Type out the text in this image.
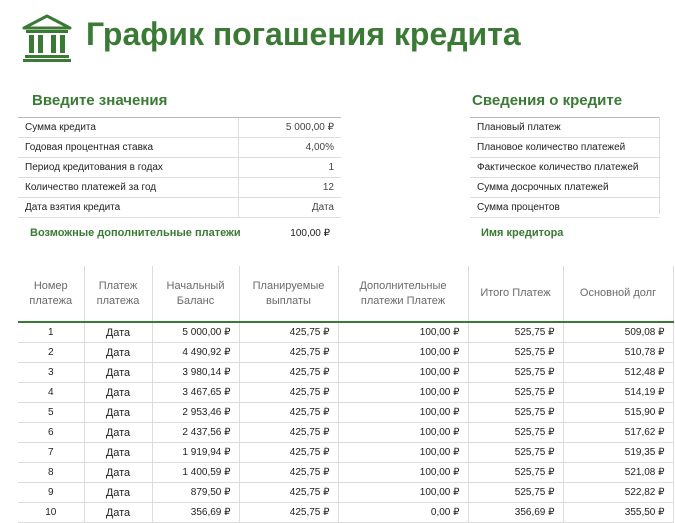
График погашения кредита
Введите значения
Сумма кредита	5 000,00 ₽
Годовая процентная ставка	4,00%
Период кредитования в годах	1
Количество платежей за год	12
Дата взятия кредита	Дата
Возможные дополнительные платежи	100,00 ₽
Сведения о кредите
Плановый платеж
Плановое количество платежей
Фактическое количество платежей
Сумма досрочных платежей
Сумма процентов
Имя кредитора
Номер платежа	Платеж платежа	Начальный Баланс	Планируемые выплаты	Дополнительные платежи Платеж	Итого Платеж	Основной долг
1	Дата	5 000,00 ₽	425,75 ₽	100,00 ₽	525,75 ₽	509,08 ₽
2	Дата	4 490,92 ₽	425,75 ₽	100,00 ₽	525,75 ₽	510,78 ₽
3	Дата	3 980,14 ₽	425,75 ₽	100,00 ₽	525,75 ₽	512,48 ₽
4	Дата	3 467,65 ₽	425,75 ₽	100,00 ₽	525,75 ₽	514,19 ₽
5	Дата	2 953,46 ₽	425,75 ₽	100,00 ₽	525,75 ₽	515,90 ₽
6	Дата	2 437,56 ₽	425,75 ₽	100,00 ₽	525,75 ₽	517,62 ₽
7	Дата	1 919,94 ₽	425,75 ₽	100,00 ₽	525,75 ₽	519,35 ₽
8	Дата	1 400,59 ₽	425,75 ₽	100,00 ₽	525,75 ₽	521,08 ₽
9	Дата	879,50 ₽	425,75 ₽	100,00 ₽	525,75 ₽	522,82 ₽
10	Дата	356,69 ₽	425,75 ₽	0,00 ₽	356,69 ₽	355,50 ₽
